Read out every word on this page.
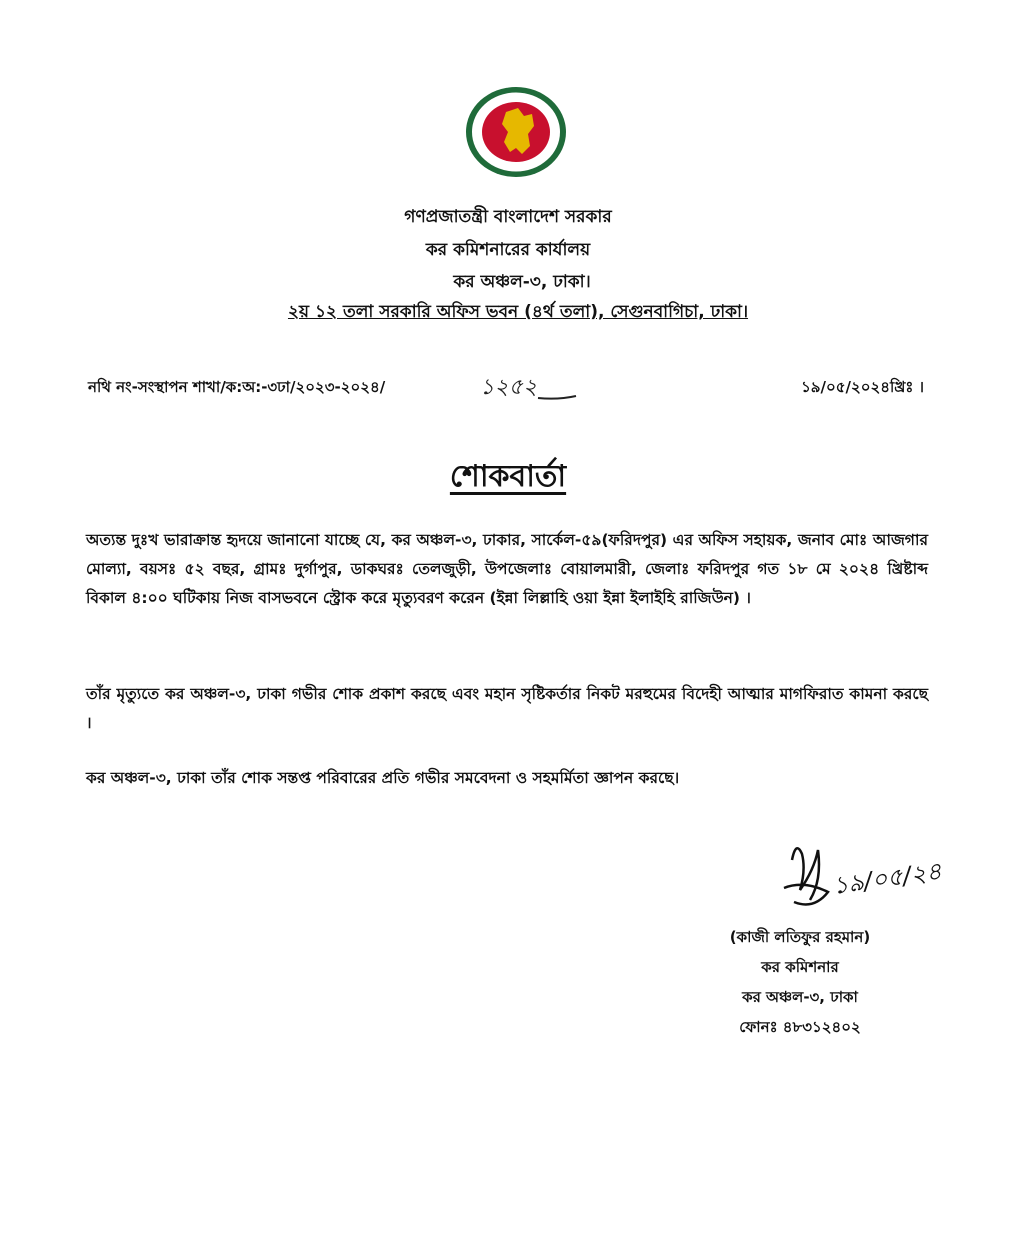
গণপ্রজাতন্ত্রী বাংলাদেশ সরকার
কর কমিশনারের কার্যালয়
কর অঞ্চল-৩, ঢাকা।
২য় ১২ তলা সরকারি অফিস ভবন (৪র্থ তলা), সেগুনবাগিচা, ঢাকা।
নথি নং-সংস্থাপন শাখা/ক:অ:-৩ঢা/২০২৩-২০২৪/	১২৫২	১৯/০৫/২০২৪খ্রিঃ ।
শোকবার্তা
অত্যন্ত দুঃখ ভারাক্রান্ত হৃদয়ে জানানো যাচ্ছে যে, কর অঞ্চল-৩, ঢাকার, সার্কেল-৫৯(ফরিদপুর) এর অফিস সহায়ক, জনাব মোঃ আজগার মোল্যা, বয়সঃ ৫২ বছর, গ্রামঃ দুর্গাপুর, ডাকঘরঃ তেলজুড়ী, উপজেলাঃ বোয়ালমারী, জেলাঃ ফরিদপুর গত ১৮ মে ২০২৪ খ্রিষ্টাব্দ বিকাল ৪:০০ ঘটিকায় নিজ বাসভবনে স্ট্রোক করে মৃত্যুবরণ করেন (ইন্না লিল্লাহি ওয়া ইন্না ইলাইহি রাজিউন) ।
তাঁর মৃত্যুতে কর অঞ্চল-৩, ঢাকা গভীর শোক প্রকাশ করছে এবং মহান সৃষ্টিকর্তার নিকট মরহুমের বিদেহী আত্মার মাগফিরাত কামনা করছে ।
কর অঞ্চল-৩, ঢাকা তাঁর শোক সন্তপ্ত পরিবারের প্রতি গভীর সমবেদনা ও সহমর্মিতা জ্ঞাপন করছে।
১৯/০৫/২৪
(কাজী লতিফুর রহমান)
কর কমিশনার
কর অঞ্চল-৩, ঢাকা
ফোনঃ ৪৮৩১২৪০২
